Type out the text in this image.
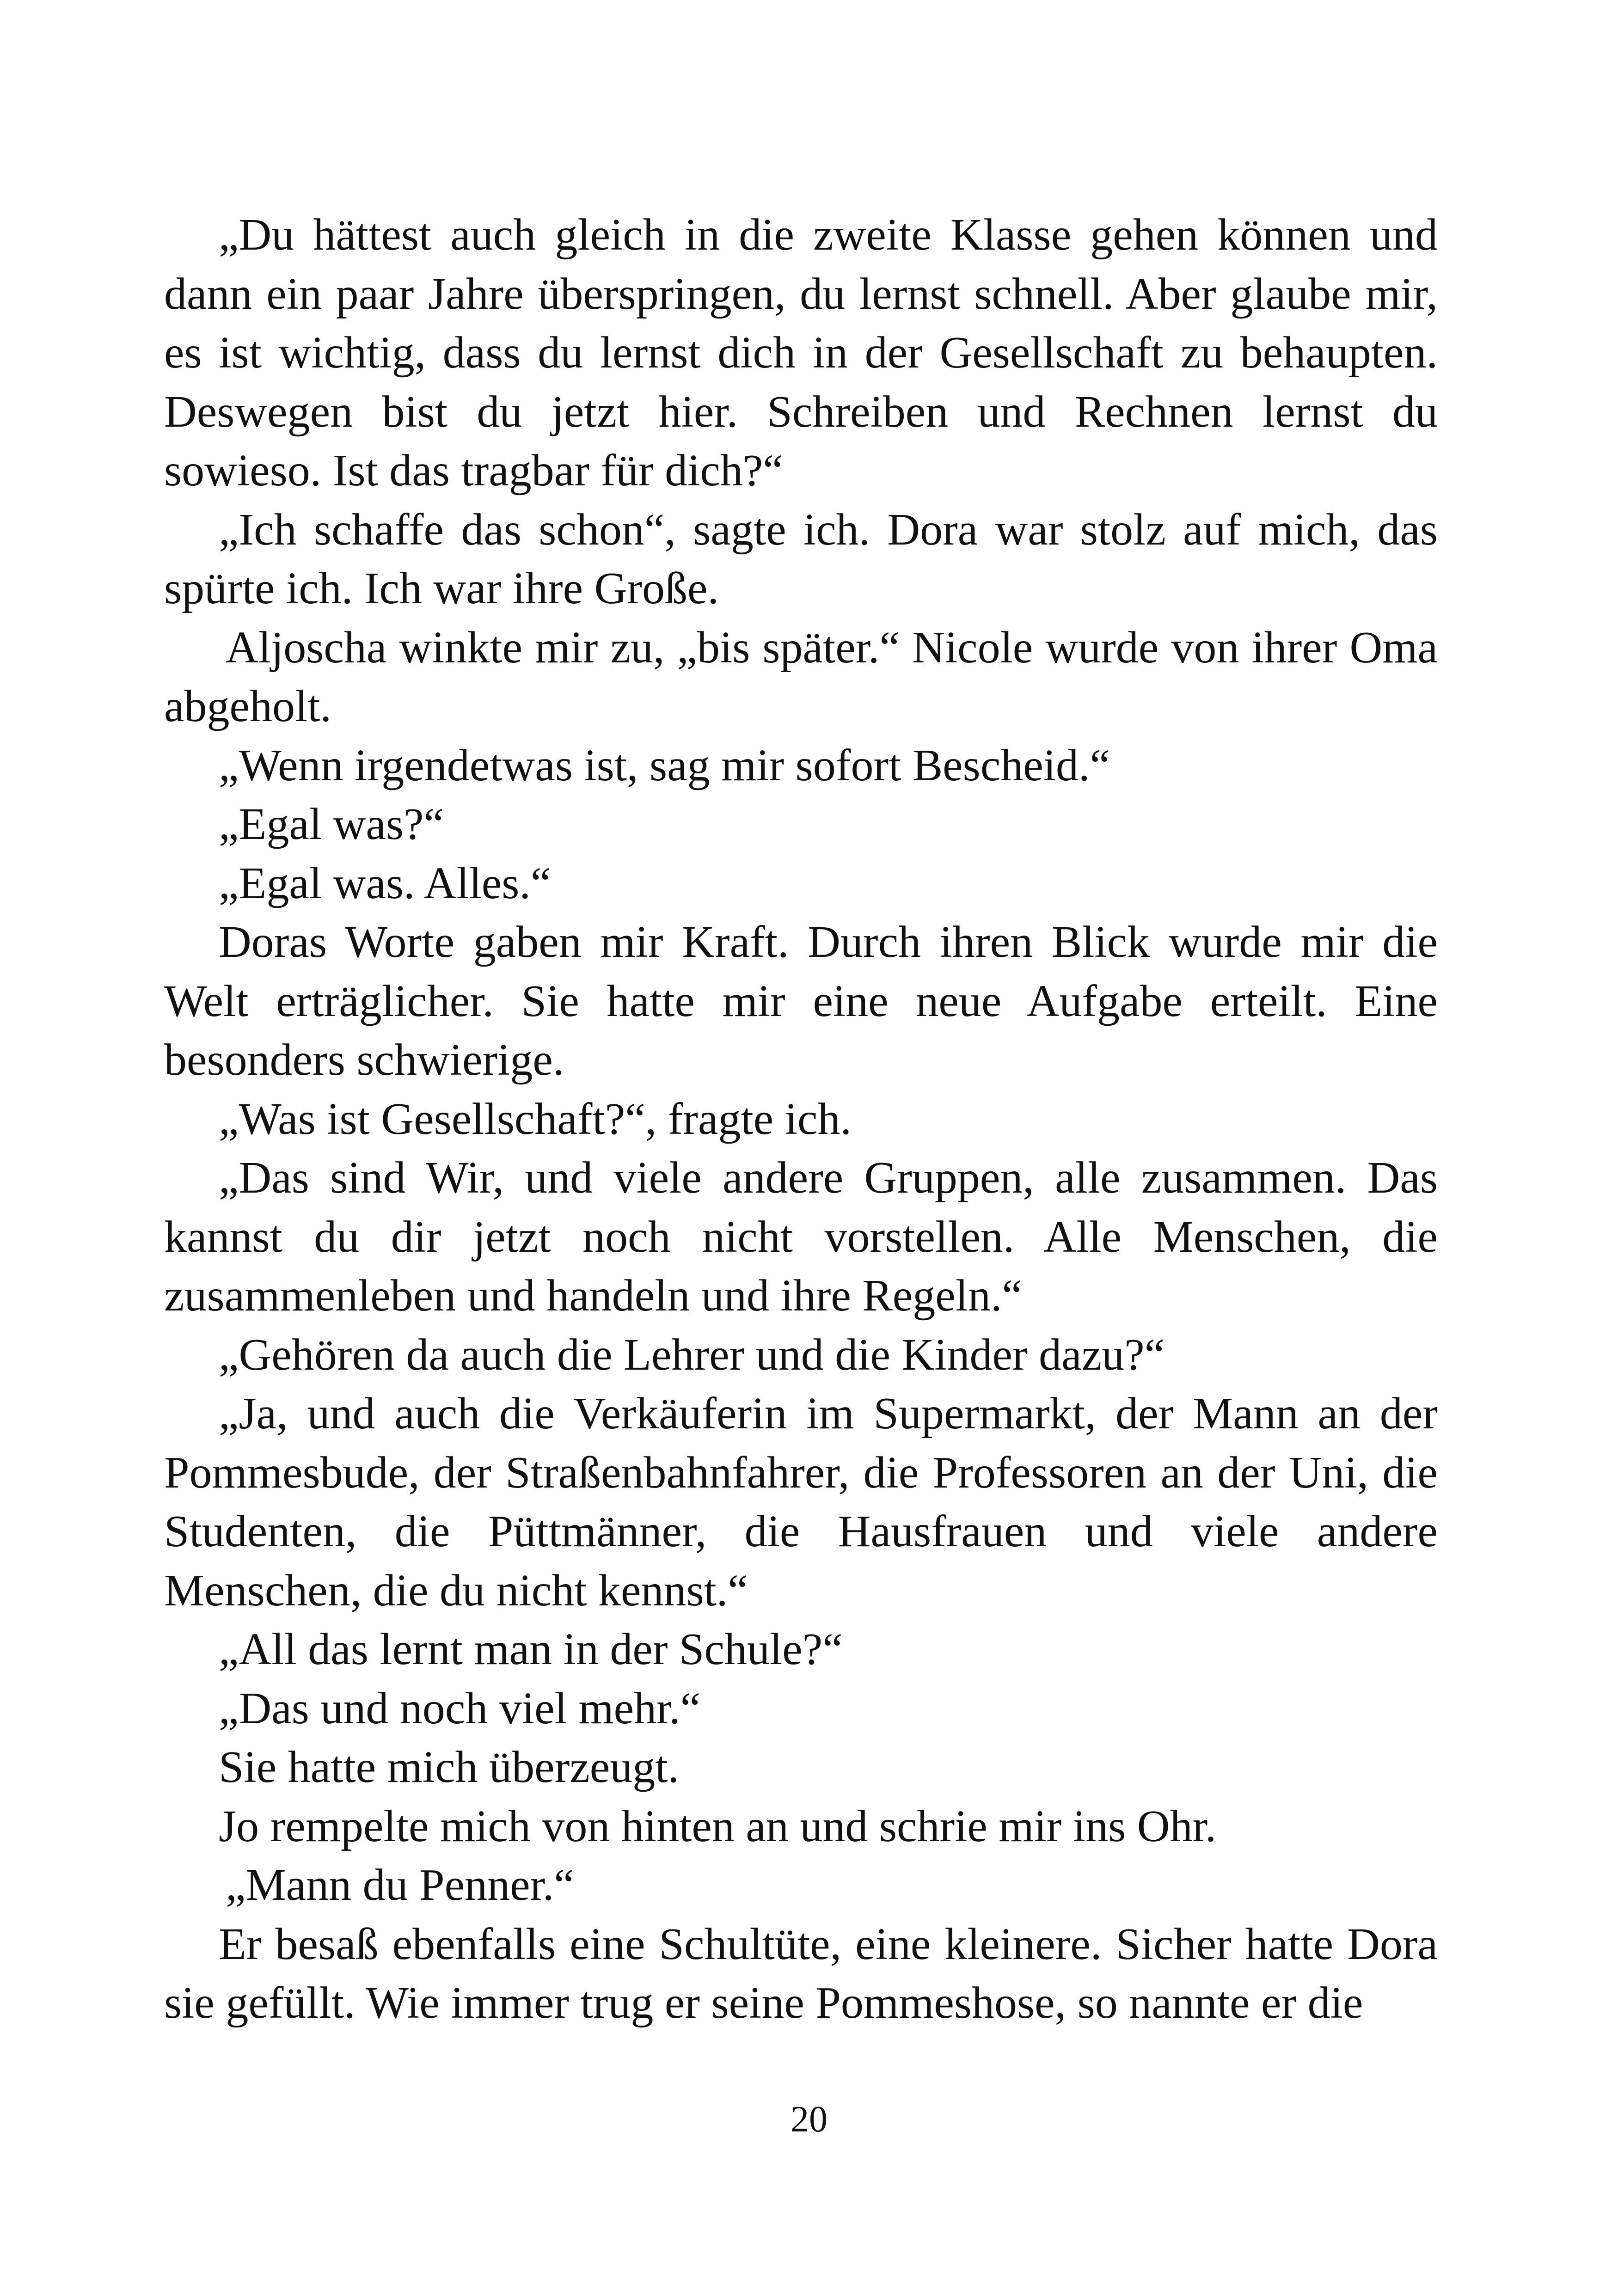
„Du hättest auch gleich in die zweite Klasse gehen können und dann ein paar Jahre überspringen, du lernst schnell. Aber glaube mir, es ist wichtig, dass du lernst dich in der Gesellschaft zu behaupten. Deswegen bist du jetzt hier. Schreiben und Rechnen lernst du sowieso. Ist das tragbar für dich?“

„Ich schaffe das schon“, sagte ich. Dora war stolz auf mich, das spürte ich. Ich war ihre Große.

Aljoscha winkte mir zu, „bis später.“ Nicole wurde von ihrer Oma abgeholt.

„Wenn irgendetwas ist, sag mir sofort Bescheid.“

„Egal was?“

„Egal was. Alles.“

Doras Worte gaben mir Kraft. Durch ihren Blick wurde mir die Welt erträglicher. Sie hatte mir eine neue Aufgabe erteilt. Eine besonders schwierige.

„Was ist Gesellschaft?“, fragte ich.

„Das sind Wir, und viele andere Gruppen, alle zusammen. Das kannst du dir jetzt noch nicht vorstellen. Alle Menschen, die zusammenleben und handeln und ihre Regeln.“

„Gehören da auch die Lehrer und die Kinder dazu?“

„Ja, und auch die Verkäuferin im Supermarkt, der Mann an der Pommesbude, der Straßenbahnfahrer, die Professoren an der Uni, die Studenten, die Püttmänner, die Hausfrauen und viele andere Menschen, die du nicht kennst.“

„All das lernt man in der Schule?“

„Das und noch viel mehr.“

Sie hatte mich überzeugt.

Jo rempelte mich von hinten an und schrie mir ins Ohr.

„Mann du Penner.“

Er besaß ebenfalls eine Schultüte, eine kleinere. Sicher hatte Dora sie gefüllt. Wie immer trug er seine Pommeshose, so nannte er die

20
